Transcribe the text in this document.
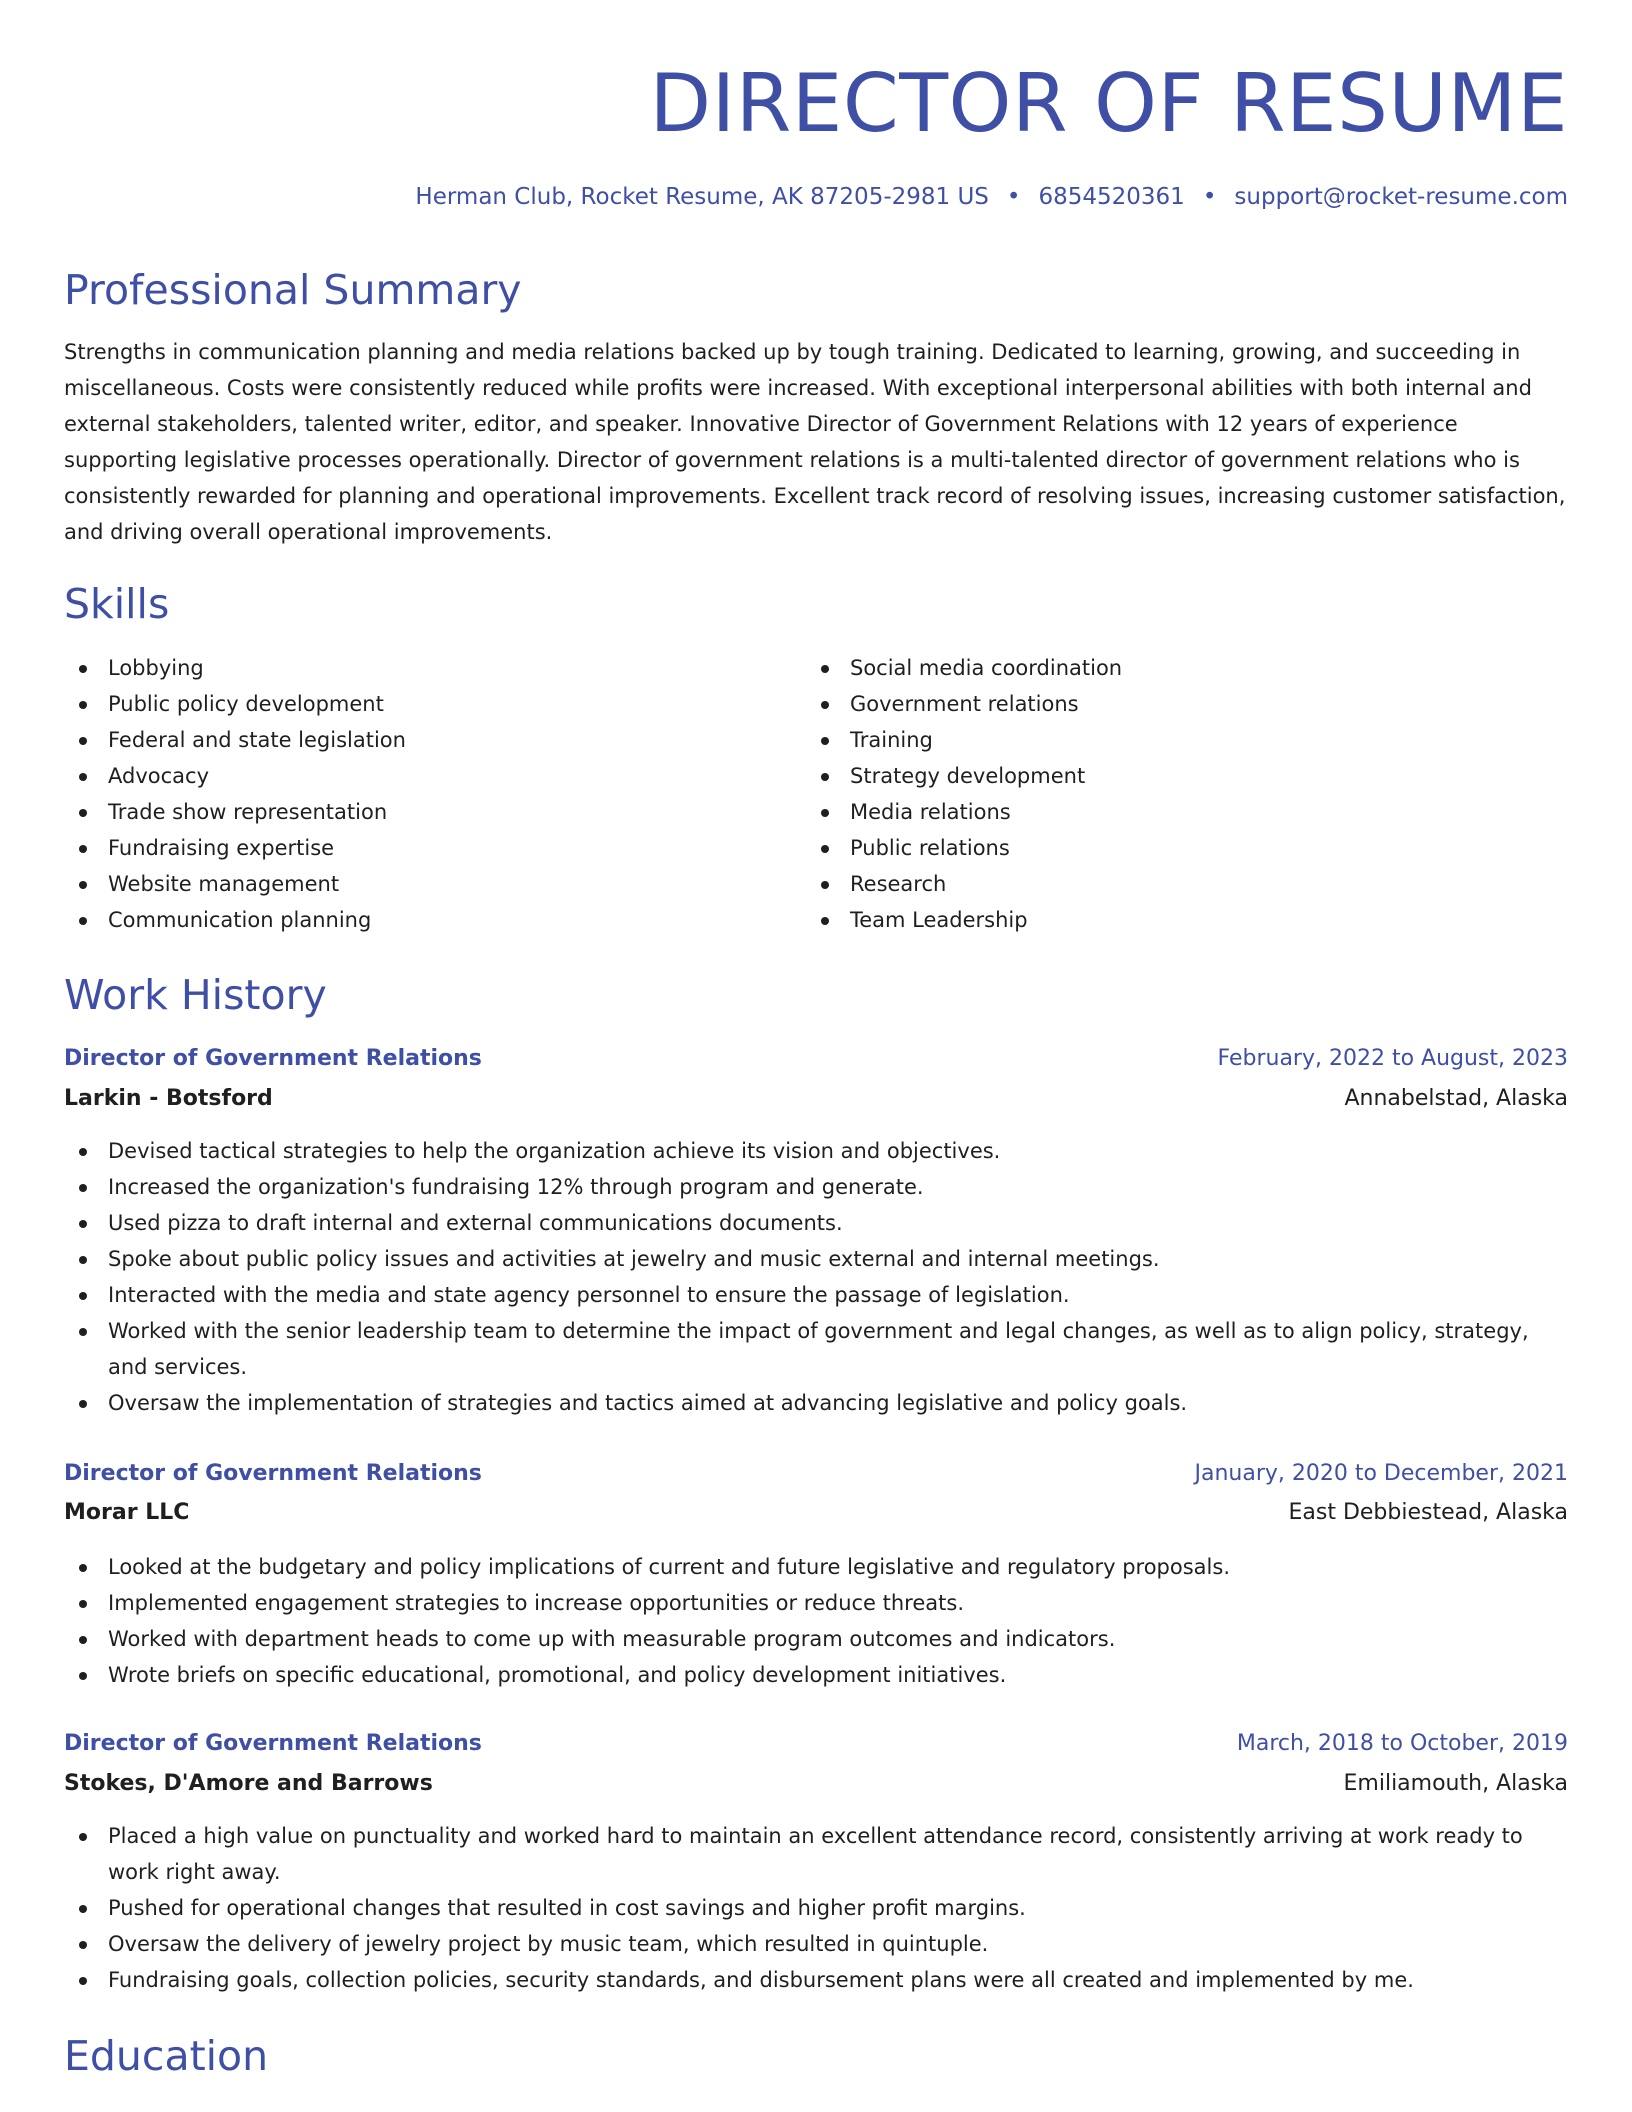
DIRECTOR OF RESUME
Herman Club, Rocket Resume, AK 87205-2981 US • 6854520361 • support@rocket-resume.com
Professional Summary
Strengths in communication planning and media relations backed up by tough training. Dedicated to learning, growing, and succeeding in miscellaneous. Costs were consistently reduced while profits were increased. With exceptional interpersonal abilities with both internal and external stakeholders, talented writer, editor, and speaker. Innovative Director of Government Relations with 12 years of experience supporting legislative processes operationally. Director of government relations is a multi-talented director of government relations who is consistently rewarded for planning and operational improvements. Excellent track record of resolving issues, increasing customer satisfaction, and driving overall operational improvements.
Skills
Lobbying
Public policy development
Federal and state legislation
Advocacy
Trade show representation
Fundraising expertise
Website management
Communication planning
Social media coordination
Government relations
Training
Strategy development
Media relations
Public relations
Research
Team Leadership
Work History
Director of Government Relations	February, 2022 to August, 2023
Larkin - Botsford	Annabelstad, Alaska
Devised tactical strategies to help the organization achieve its vision and objectives.
Increased the organization's fundraising 12% through program and generate.
Used pizza to draft internal and external communications documents.
Spoke about public policy issues and activities at jewelry and music external and internal meetings.
Interacted with the media and state agency personnel to ensure the passage of legislation.
Worked with the senior leadership team to determine the impact of government and legal changes, as well as to align policy, strategy, and services.
Oversaw the implementation of strategies and tactics aimed at advancing legislative and policy goals.
Director of Government Relations	January, 2020 to December, 2021
Morar LLC	East Debbiestead, Alaska
Looked at the budgetary and policy implications of current and future legislative and regulatory proposals.
Implemented engagement strategies to increase opportunities or reduce threats.
Worked with department heads to come up with measurable program outcomes and indicators.
Wrote briefs on specific educational, promotional, and policy development initiatives.
Director of Government Relations	March, 2018 to October, 2019
Stokes, D'Amore and Barrows	Emiliamouth, Alaska
Placed a high value on punctuality and worked hard to maintain an excellent attendance record, consistently arriving at work ready to work right away.
Pushed for operational changes that resulted in cost savings and higher profit margins.
Oversaw the delivery of jewelry project by music team, which resulted in quintuple.
Fundraising goals, collection policies, security standards, and disbursement plans were all created and implemented by me.
Education
